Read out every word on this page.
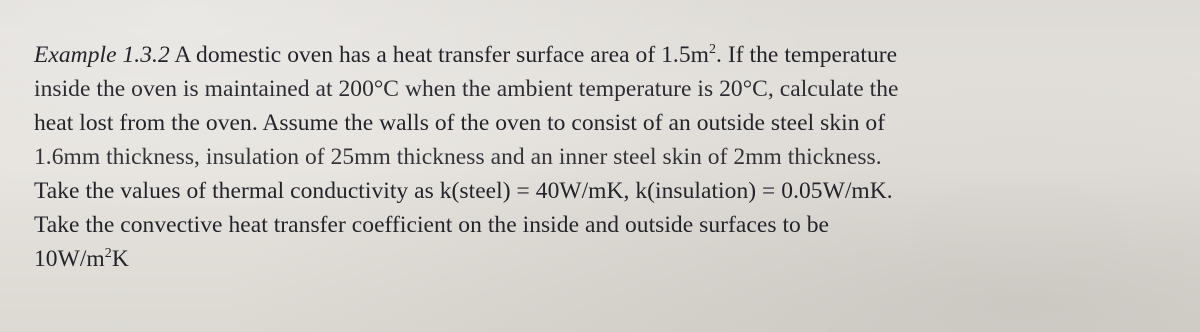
Example 1.3.2 A domestic oven has a heat transfer surface area of $1.5m^2$. If the temperature
inside the oven is maintained at 200°C when the ambient temperature is 20°C, calculate the
heat lost from the oven. Assume the walls of the oven to consist of an outside steel skin of
1.6mm thickness, insulation of 25mm thickness and an inner steel skin of 2mm thickness.
Take the values of thermal conductivity as k(steel) = 40W/mK, k(insulation) = 0.05W/mK.
Take the convective heat transfer coefficient on the inside and outside surfaces to be
$10W/m^2K$
